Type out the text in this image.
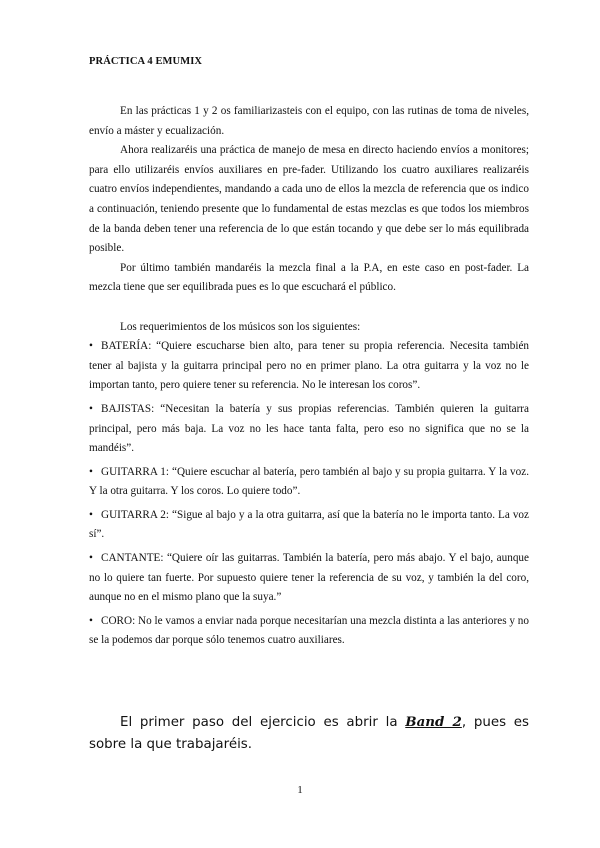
PRÁCTICA 4 EMUMIX

En las prácticas 1 y 2 os familiarizasteis con el equipo, con las rutinas de toma de niveles, envío a máster y ecualización.

Ahora realizaréis una práctica de manejo de mesa en directo haciendo envíos a monitores; para ello utilizaréis envíos auxiliares en pre-fader. Utilizando los cuatro auxiliares realizaréis cuatro envíos independientes, mandando a cada uno de ellos la mezcla de referencia que os indico a continuación, teniendo presente que lo fundamental de estas mezclas es que todos los miembros de la banda deben tener una referencia de lo que están tocando y que debe ser lo más equilibrada posible.

Por último también mandaréis la mezcla final a la P.A, en este caso en post-fader. La mezcla tiene que ser equilibrada pues es lo que escuchará el público.

Los requerimientos de los músicos son los siguientes:

• BATERÍA: “Quiere escucharse bien alto, para tener su propia referencia. Necesita también tener al bajista y la guitarra principal pero no en primer plano. La otra guitarra y la voz no le importan tanto, pero quiere tener su referencia. No le interesan los coros”.

• BAJISTAS: “Necesitan la batería y sus propias referencias. También quieren la guitarra principal, pero más baja. La voz no les hace tanta falta, pero eso no significa que no se la mandéis”.

• GUITARRA 1: “Quiere escuchar al batería, pero también al bajo y su propia guitarra. Y la voz. Y la otra guitarra. Y los coros. Lo quiere todo”.

• GUITARRA 2: “Sigue al bajo y a la otra guitarra, así que la batería no le importa tanto. La voz sí”.

• CANTANTE: “Quiere oír las guitarras. También la batería, pero más abajo. Y el bajo, aunque no lo quiere tan fuerte. Por supuesto quiere tener la referencia de su voz, y también la del coro, aunque no en el mismo plano que la suya.”

• CORO: No le vamos a enviar nada porque necesitarían una mezcla distinta a las anteriores y no se la podemos dar porque sólo tenemos cuatro auxiliares.

El primer paso del ejercicio es abrir la Band 2, pues es sobre la que trabajaréis.

1
